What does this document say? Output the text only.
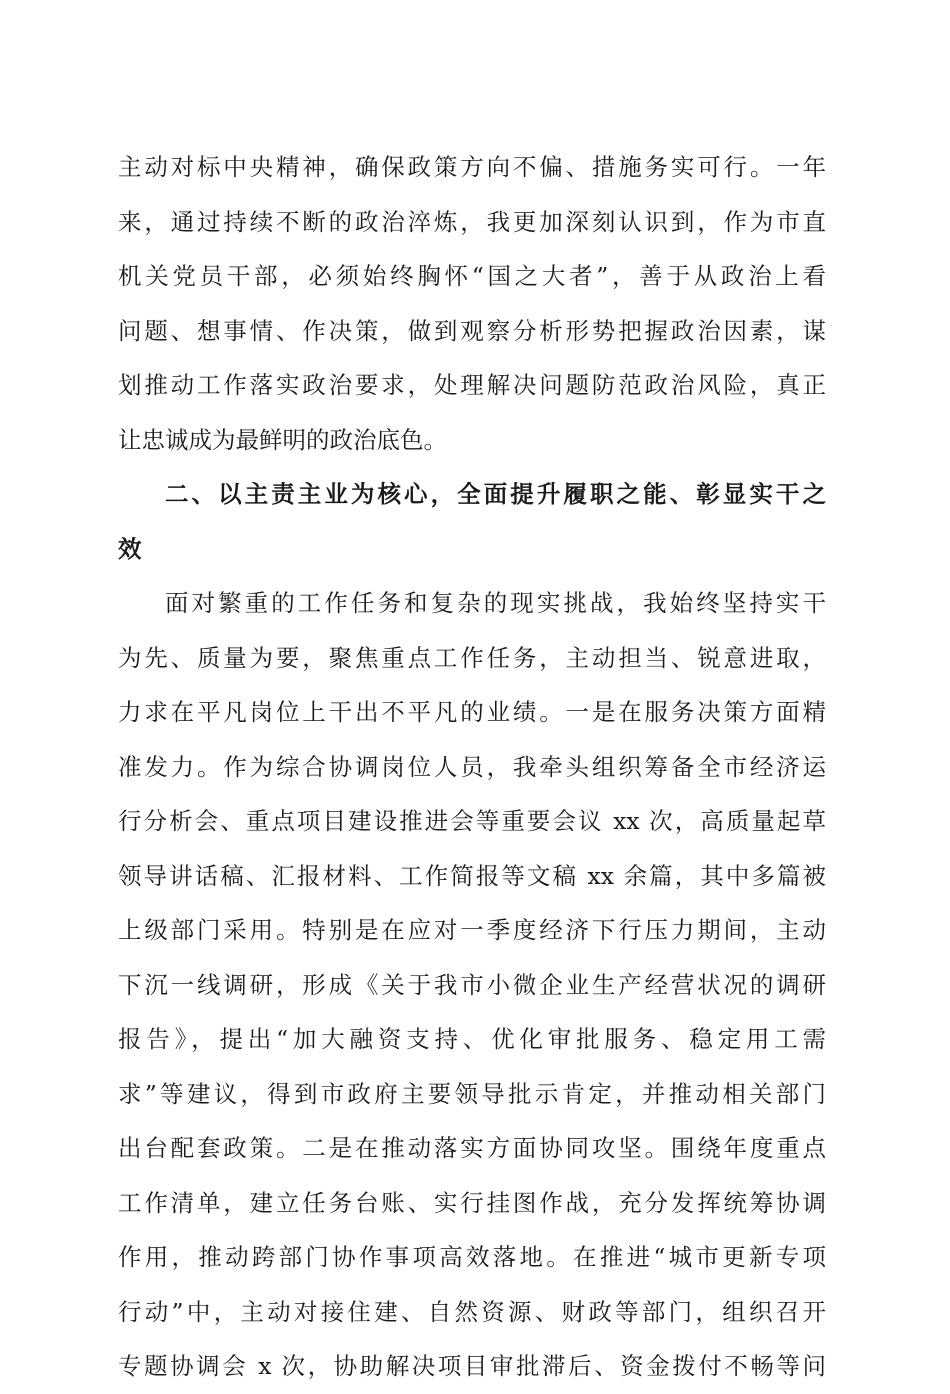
主动对标中央精神，确保政策方向不偏、措施务实可行。一年
来，通过持续不断的政治淬炼，我更加深刻认识到，作为市直
机关党员干部，必须始终胸怀“国之大者”，善于从政治上看
问题、想事情、作决策，做到观察分析形势把握政治因素，谋
划推动工作落实政治要求，处理解决问题防范政治风险，真正
让忠诚成为最鲜明的政治底色。
二、以主责主业为核心，全面提升履职之能、彰显实干之
效
面对繁重的工作任务和复杂的现实挑战，我始终坚持实干
为先、质量为要，聚焦重点工作任务，主动担当、锐意进取，
力求在平凡岗位上干出不平凡的业绩。一是在服务决策方面精
准发力。作为综合协调岗位人员，我牵头组织筹备全市经济运
行分析会、重点项目建设推进会等重要会议 xx 次，高质量起草
领导讲话稿、汇报材料、工作简报等文稿 xx 余篇，其中多篇被
上级部门采用。特别是在应对一季度经济下行压力期间，主动
下沉一线调研，形成《关于我市小微企业生产经营状况的调研
报告》，提出“加大融资支持、优化审批服务、稳定用工需
求”等建议，得到市政府主要领导批示肯定，并推动相关部门
出台配套政策。二是在推动落实方面协同攻坚。围绕年度重点
工作清单，建立任务台账、实行挂图作战，充分发挥统筹协调
作用，推动跨部门协作事项高效落地。在推进“城市更新专项
行动”中，主动对接住建、自然资源、财政等部门，组织召开
专题协调会 x 次，协助解决项目审批滞后、资金拨付不畅等问
